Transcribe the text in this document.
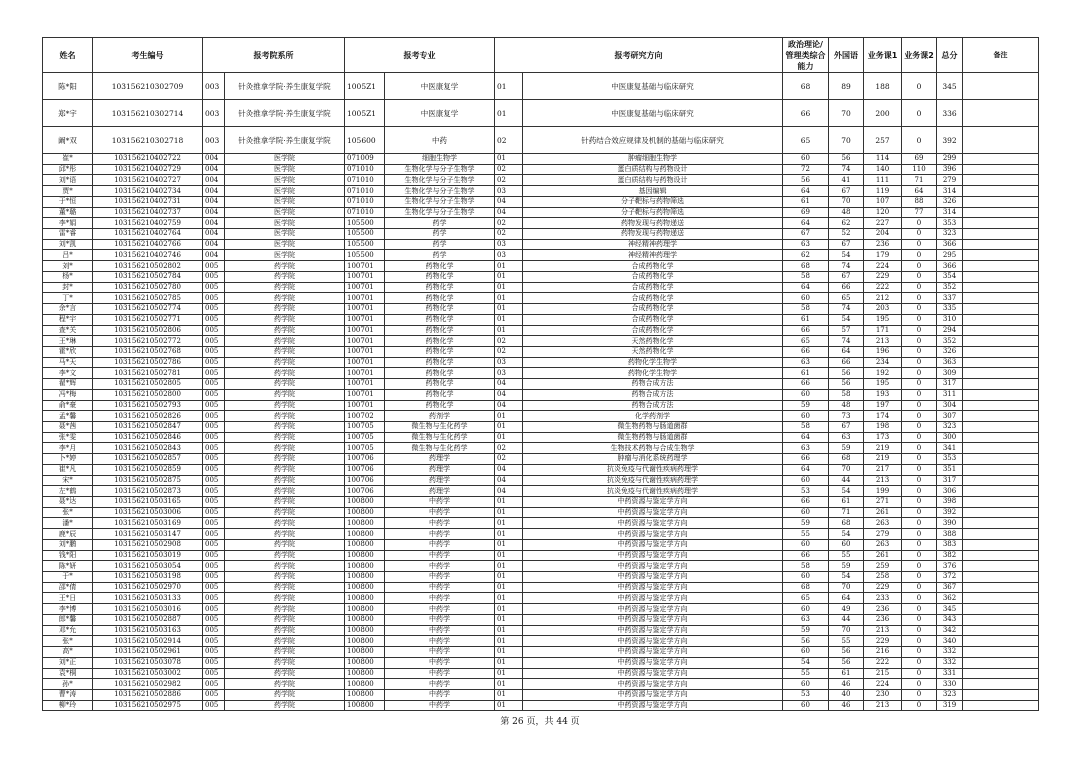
姓名	考生编号	报考院系所		报考专业		报考研究方向		政治理论/管理类综合能力	外国语	业务课1	业务课2	总分	备注
陈*阳	103156210302709	003	针灸推拿学院·养生康复学院	1005Z1	中医康复学	01	中医康复基础与临床研究	68	89	188	0	345	
郑*宇	103156210302714	003	针灸推拿学院·养生康复学院	1005Z1	中医康复学	01	中医康复基础与临床研究	66	70	200	0	336	
阚*双	103156210302718	003	针灸推拿学院·养生康复学院	105600	中药	02	针药结合效应规律及机制的基础与临床研究	65	70	257	0	392	
崔*	103156210402722	004	医学院	071009	细胞生物学	01	肿瘤细胞生物学	60	56	114	69	299	
邱*彤	103156210402729	004	医学院	071010	生物化学与分子生物学	02	蛋白质结构与药物设计	72	74	140	110	396	
刘*语	103156210402727	004	医学院	071010	生物化学与分子生物学	02	蛋白质结构与药物设计	56	41	111	71	279	
贾*	103156210402734	004	医学院	071010	生物化学与分子生物学	03	基因编辑	64	67	119	64	314	
于*恒	103156210402731	004	医学院	071010	生物化学与分子生物学	04	分子靶标与药物筛选	61	70	107	88	326	
董*璐	103156210402737	004	医学院	071010	生物化学与分子生物学	04	分子靶标与药物筛选	69	48	120	77	314	
李*娟	103156210402759	004	医学院	105500	药学	02	药物发现与药物递送	64	62	227	0	353	
雷*睿	103156210402764	004	医学院	105500	药学	02	药物发现与药物递送	67	52	204	0	323	
刘*凯	103156210402766	004	医学院	105500	药学	03	神经精神药理学	63	67	236	0	366	
吕*	103156210402746	004	医学院	105500	药学	03	神经精神药理学	62	54	179	0	295	
刘*	103156210502802	005	药学院	100701	药物化学	01	合成药物化学	68	74	224	0	366	
杨*	103156210502784	005	药学院	100701	药物化学	01	合成药物化学	58	67	229	0	354	
封*	103156210502780	005	药学院	100701	药物化学	01	合成药物化学	64	66	222	0	352	
丁*	103156210502785	005	药学院	100701	药物化学	01	合成药物化学	60	65	212	0	337	
余*言	103156210502774	005	药学院	100701	药物化学	01	合成药物化学	58	74	203	0	335	
程*宇	103156210502771	005	药学院	100701	药物化学	01	合成药物化学	61	54	195	0	310	
查*关	103156210502806	005	药学院	100701	药物化学	01	合成药物化学	66	57	171	0	294	
王*琳	103156210502772	005	药学院	100701	药物化学	02	天然药物化学	65	74	213	0	352	
霍*欣	103156210502768	005	药学院	100701	药物化学	02	天然药物化学	66	64	196	0	326	
马*天	103156210502786	005	药学院	100701	药物化学	03	药物化学生物学	63	66	234	0	363	
李*文	103156210502781	005	药学院	100701	药物化学	03	药物化学生物学	61	56	192	0	309	
翟*辉	103156210502805	005	药学院	100701	药物化学	04	药物合成方法	66	56	195	0	317	
冯*梅	103156210502800	005	药学院	100701	药物化学	04	药物合成方法	60	58	193	0	311	
俞*豪	103156210502793	005	药学院	100701	药物化学	04	药物合成方法	59	48	197	0	304	
孟*馨	103156210502826	005	药学院	100702	药剂学	01	化学药剂学	60	73	174	0	307	
聂*茜	103156210502847	005	药学院	100705	微生物与生化药学	01	微生物药物与肠道菌群	58	67	198	0	323	
张*雯	103156210502846	005	药学院	100705	微生物与生化药学	01	微生物药物与肠道菌群	64	63	173	0	300	
李*月	103156210502843	005	药学院	100705	微生物与生化药学	02	生物技术药物与合成生物学	63	59	219	0	341	
卜*婷	103156210502857	005	药学院	100706	药理学	02	肿瘤与消化系统药理学	66	68	219	0	353	
崔*凡	103156210502859	005	药学院	100706	药理学	04	抗炎免疫与代谢性疾病药理学	64	70	217	0	351	
宋*	103156210502875	005	药学院	100706	药理学	04	抗炎免疫与代谢性疾病药理学	60	44	213	0	317	
左*鹤	103156210502873	005	药学院	100706	药理学	04	抗炎免疫与代谢性疾病药理学	53	54	199	0	306	
聂*达	103156210503165	005	药学院	100800	中药学	01	中药资源与鉴定学方向	66	61	271	0	398	
张*	103156210503006	005	药学院	100800	中药学	01	中药资源与鉴定学方向	60	71	261	0	392	
潘*	103156210503169	005	药学院	100800	中药学	01	中药资源与鉴定学方向	59	68	263	0	390	
鹿*辰	103156210503147	005	药学院	100800	中药学	01	中药资源与鉴定学方向	55	54	279	0	388	
刘*鹏	103156210502908	005	药学院	100800	中药学	01	中药资源与鉴定学方向	60	60	263	0	383	
钱*阳	103156210503019	005	药学院	100800	中药学	01	中药资源与鉴定学方向	66	55	261	0	382	
陈*妍	103156210503054	005	药学院	100800	中药学	01	中药资源与鉴定学方向	58	59	259	0	376	
于*	103156210503198	005	药学院	100800	中药学	01	中药资源与鉴定学方向	60	54	258	0	372	
邵*倩	103156210502970	005	药学院	100800	中药学	01	中药资源与鉴定学方向	68	70	229	0	367	
王*日	103156210503133	005	药学院	100800	中药学	01	中药资源与鉴定学方向	65	64	233	0	362	
李*博	103156210503016	005	药学院	100800	中药学	01	中药资源与鉴定学方向	60	49	236	0	345	
郎*馨	103156210502887	005	药学院	100800	中药学	01	中药资源与鉴定学方向	63	44	236	0	343	
邓*允	103156210503163	005	药学院	100800	中药学	01	中药资源与鉴定学方向	59	70	213	0	342	
张*	103156210502914	005	药学院	100800	中药学	01	中药资源与鉴定学方向	56	55	229	0	340	
高*	103156210502961	005	药学院	100800	中药学	01	中药资源与鉴定学方向	60	56	216	0	332	
刘*正	103156210503078	005	药学院	100800	中药学	01	中药资源与鉴定学方向	54	56	222	0	332	
袁*桐	103156210503002	005	药学院	100800	中药学	01	中药资源与鉴定学方向	55	61	215	0	331	
孙*	103156210502982	005	药学院	100800	中药学	01	中药资源与鉴定学方向	60	46	224	0	330	
曹*涛	103156210502886	005	药学院	100800	中药学	01	中药资源与鉴定学方向	53	40	230	0	323	
柳*玲	103156210502975	005	药学院	100800	中药学	01	中药资源与鉴定学方向	60	46	213	0	319	
第 26 页，共 44 页
